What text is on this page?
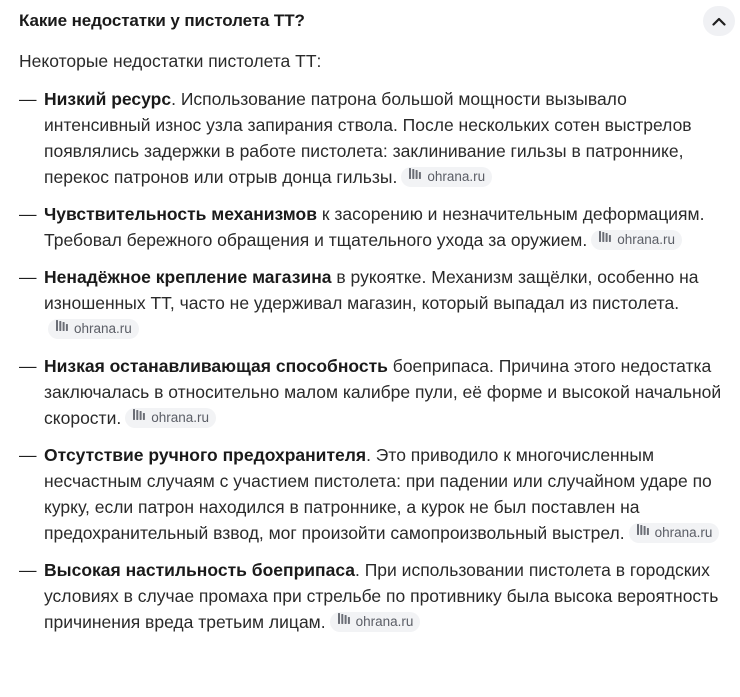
Какие недостатки у пистолета ТТ?

Некоторые недостатки пистолета ТТ:

— Низкий ресурс. Использование патрона большой мощности вызывало интенсивный износ узла запирания ствола. После нескольких сотен выстрелов появлялись задержки в работе пистолета: заклинивание гильзы в патроннике, перекос патронов или отрыв донца гильзы. ohrana.ru
— Чувствительность механизмов к засорению и незначительным деформациям. Требовал бережного обращения и тщательного ухода за оружием. ohrana.ru
— Ненадёжное крепление магазина в рукоятке. Механизм защёлки, особенно на изношенных ТТ, часто не удерживал магазин, который выпадал из пистолета.
ohrana.ru
— Низкая останавливающая способность боеприпаса. Причина этого недостатка заключалась в относительно малом калибре пули, её форме и высокой начальной скорости. ohrana.ru
— Отсутствие ручного предохранителя. Это приводило к многочисленным несчастным случаям с участием пистолета: при падении или случайном ударе по курку, если патрон находился в патроннике, а курок не был поставлен на предохранительный взвод, мог произойти самопроизвольный выстрел. ohrana.ru
— Высокая настильность боеприпаса. При использовании пистолета в городских условиях в случае промаха при стрельбе по противнику была высока вероятность причинения вреда третьим лицам. ohrana.ru
